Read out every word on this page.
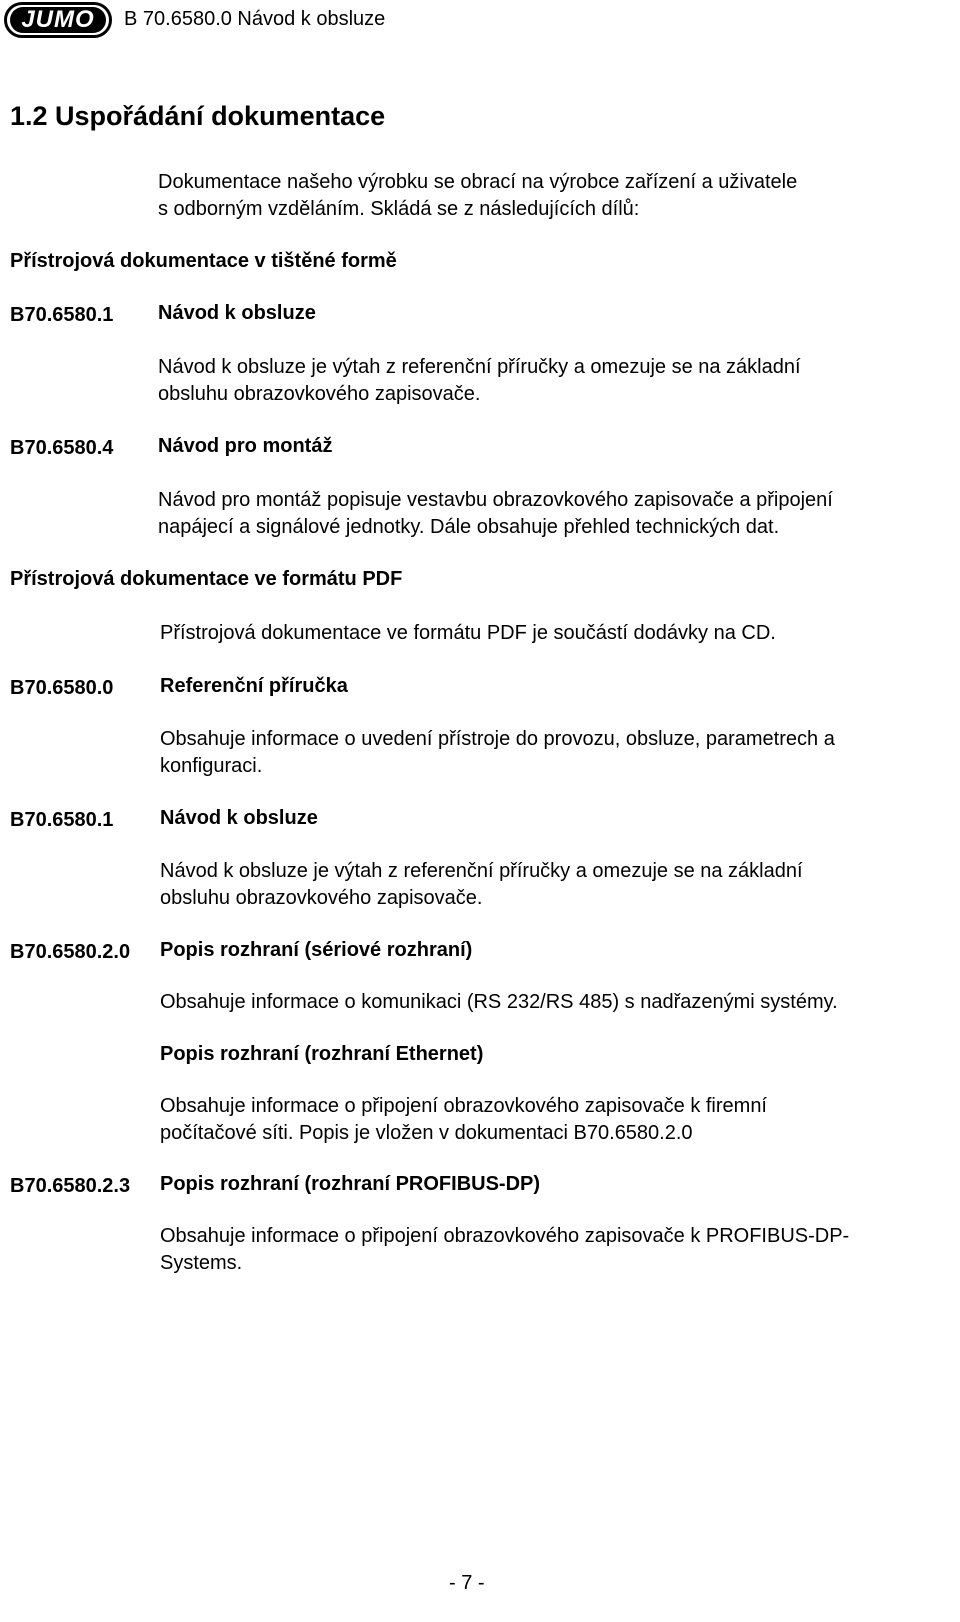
JUMO	B 70.6580.0 Návod k obsluze
1.2 Uspořádání dokumentace
Dokumentace našeho výrobku se obrací na výrobce zařízení a uživatele
s odborným vzděláním. Skládá se z následujících dílů:
Přístrojová dokumentace v tištěné formě
B70.6580.1 Návod k obsluze
Návod k obsluze je výtah z referenční příručky a omezuje se na základní
obsluhu obrazovkového zapisovače.
B70.6580.4 Návod pro montáž
Návod pro montáž popisuje vestavbu obrazovkového zapisovače a připojení
napájecí a signálové jednotky. Dále obsahuje přehled technických dat.
Přístrojová dokumentace ve formátu PDF
Přístrojová dokumentace ve formátu PDF je součástí dodávky na CD.
B70.6580.0 Referenční příručka
Obsahuje informace o uvedení přístroje do provozu, obsluze, parametrech a
konfiguraci.
B70.6580.1 Návod k obsluze
Návod k obsluze je výtah z referenční příručky a omezuje se na základní
obsluhu obrazovkového zapisovače.
B70.6580.2.0 Popis rozhraní (sériové rozhraní)
Obsahuje informace o komunikaci (RS 232/RS 485) s nadřazenými systémy.
Popis rozhraní (rozhraní Ethernet)
Obsahuje informace o připojení obrazovkového zapisovače k firemní
počítačové síti. Popis je vložen v dokumentaci B70.6580.2.0
B70.6580.2.3 Popis rozhraní (rozhraní PROFIBUS-DP)
Obsahuje informace o připojení obrazovkového zapisovače k PROFIBUS-DP-
Systems.
- 7 -
